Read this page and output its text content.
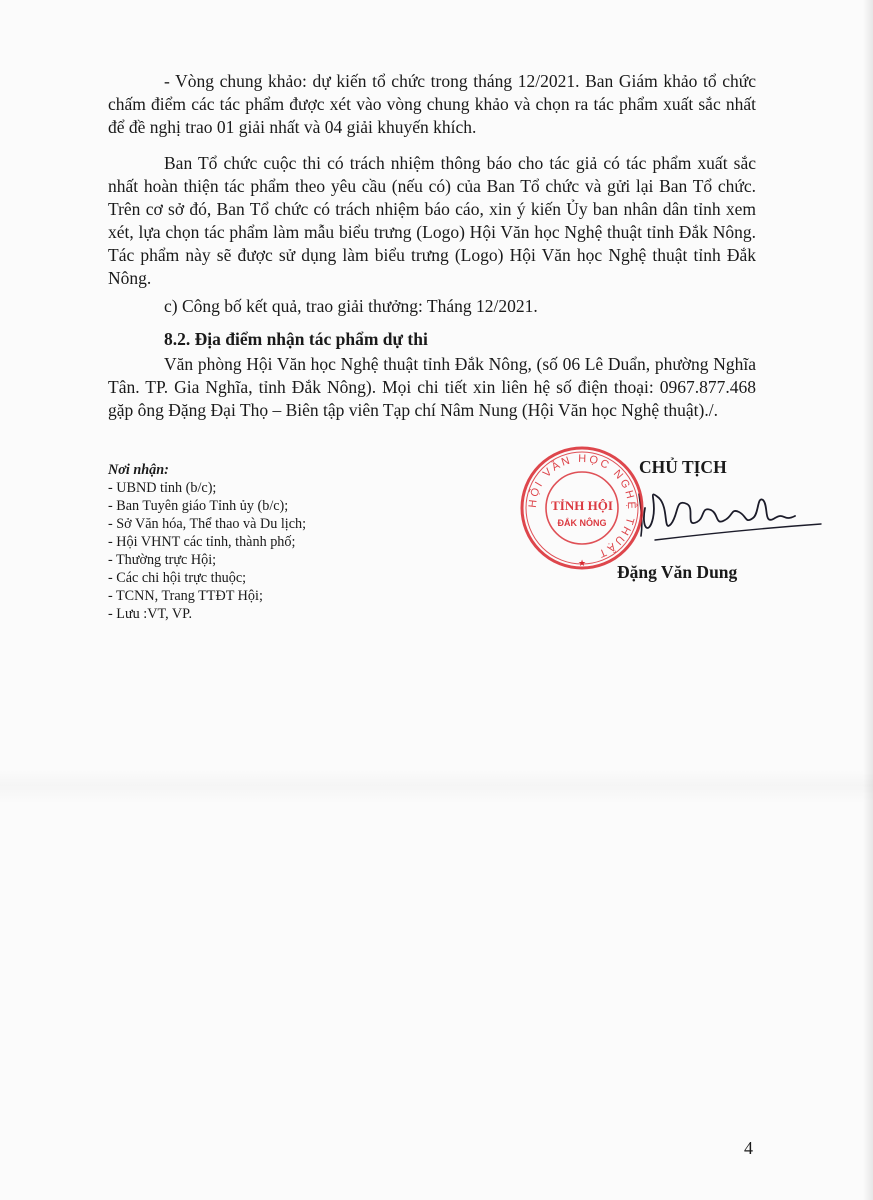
- Vòng chung khảo: dự kiến tổ chức trong tháng 12/2021. Ban Giám khảo tổ chức chấm điểm các tác phẩm được xét vào vòng chung khảo và chọn ra tác phẩm xuất sắc nhất để đề nghị trao 01 giải nhất và 04 giải khuyến khích.

Ban Tổ chức cuộc thi có trách nhiệm thông báo cho tác giả có tác phẩm xuất sắc nhất hoàn thiện tác phẩm theo yêu cầu (nếu có) của Ban Tổ chức và gửi lại Ban Tổ chức. Trên cơ sở đó, Ban Tổ chức có trách nhiệm báo cáo, xin ý kiến Ủy ban nhân dân tỉnh xem xét, lựa chọn tác phẩm làm mẫu biểu trưng (Logo) Hội Văn học Nghệ thuật tỉnh Đắk Nông. Tác phẩm này sẽ được sử dụng làm biểu trưng (Logo) Hội Văn học Nghệ thuật tỉnh Đắk Nông.

c) Công bố kết quả, trao giải thưởng: Tháng 12/2021.

8.2. Địa điểm nhận tác phẩm dự thi

Văn phòng Hội Văn học Nghệ thuật tỉnh Đắk Nông, (số 06 Lê Duẩn, phường Nghĩa Tân. TP. Gia Nghĩa, tỉnh Đắk Nông). Mọi chi tiết xin liên hệ số điện thoại: 0967.877.468 gặp ông Đặng Đại Thọ – Biên tập viên Tạp chí Nâm Nung (Hội Văn học Nghệ thuật)./.

Nơi nhận:
- UBND tỉnh (b/c);
- Ban Tuyên giáo Tỉnh ủy (b/c);
- Sở Văn hóa, Thể thao và Du lịch;
- Hội VHNT các tỉnh, thành phố;
- Thường trực Hội;
- Các chi hội trực thuộc;
- TCNN, Trang TTĐT Hội;
- Lưu :VT, VP.
CHỦ TỊCH
HỘI VĂN HỌC NGHỆ THUẬT
TỈNH HỘI
ĐẮK NÔNG
★ Đặng Văn Dung
4
